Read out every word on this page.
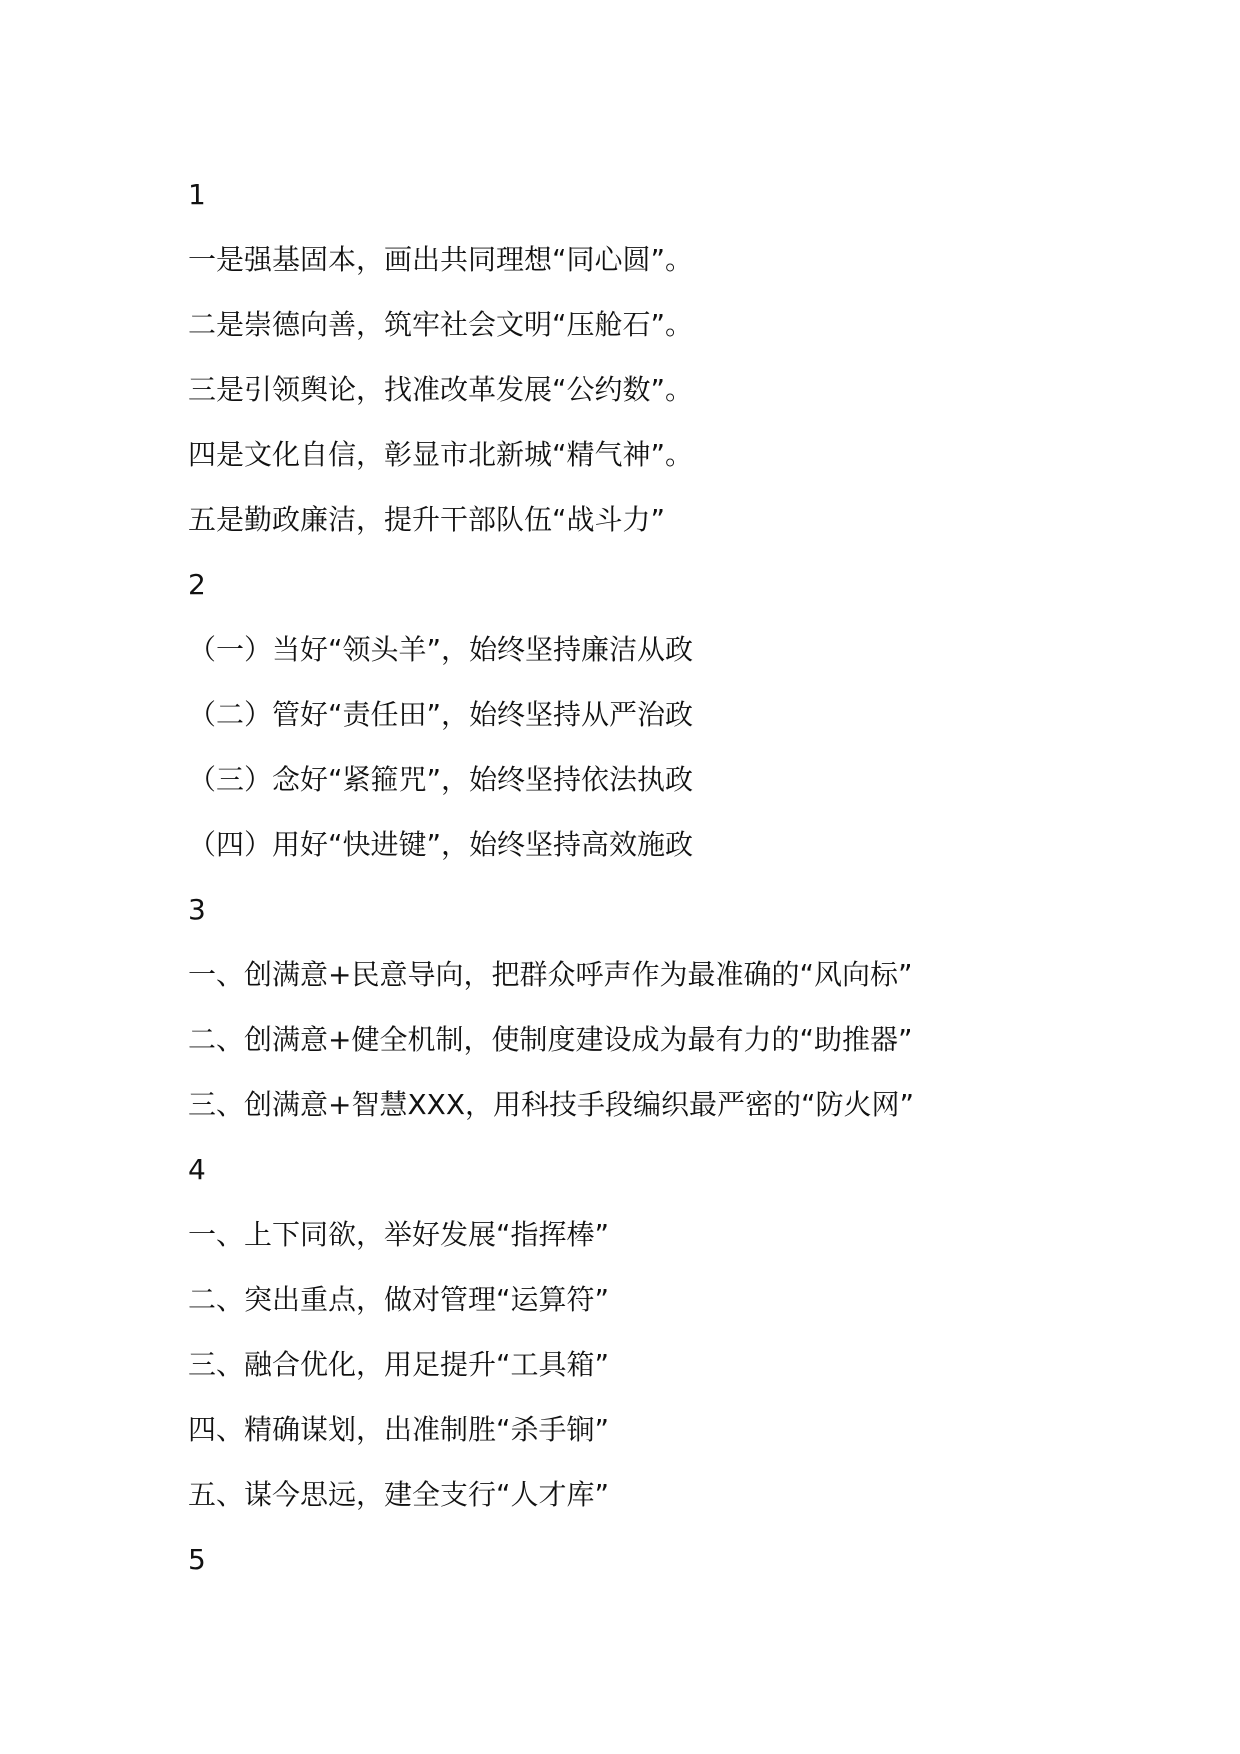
1
一是强基固本，画出共同理想“同心圆”。
二是崇德向善，筑牢社会文明“压舱石”。
三是引领舆论，找准改革发展“公约数”。
四是文化自信，彰显市北新城“精气神”。
五是勤政廉洁，提升干部队伍“战斗力”
2
（一）当好“领头羊”，始终坚持廉洁从政
（二）管好“责任田”，始终坚持从严治政
（三）念好“紧箍咒”，始终坚持依法执政
（四）用好“快进键”，始终坚持高效施政
3
一、创满意+民意导向，把群众呼声作为最准确的“风向标”
二、创满意+健全机制，使制度建设成为最有力的“助推器”
三、创满意+智慧XXX，用科技手段编织最严密的“防火网”
4
一、上下同欲，举好发展“指挥棒”
二、突出重点，做对管理“运算符”
三、融合优化，用足提升“工具箱”
四、精确谋划，出准制胜“杀手锏”
五、谋今思远，建全支行“人才库”
5
